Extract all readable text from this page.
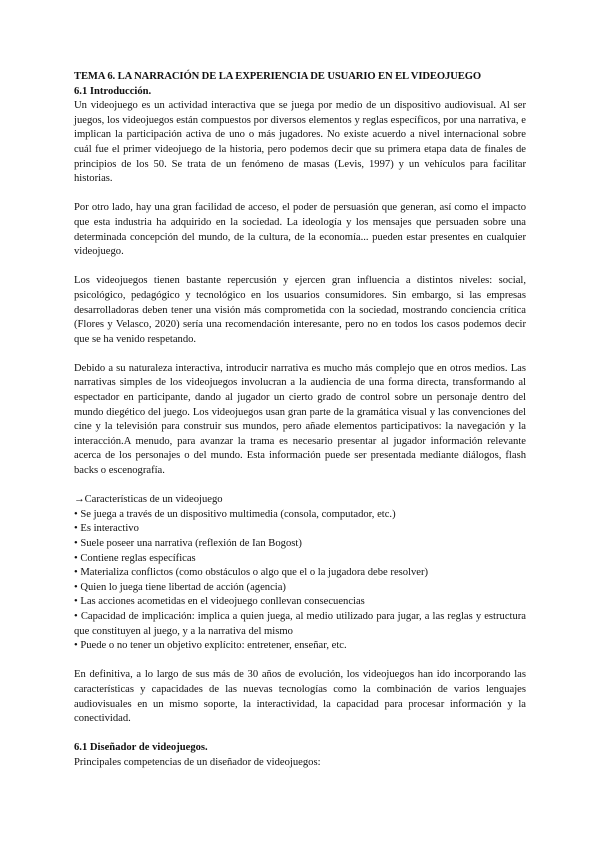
TEMA 6. LA NARRACIÓN DE LA EXPERIENCIA DE USUARIO EN EL VIDEOJUEGO
6.1 Introducción.

Un videojuego es un actividad interactiva que se juega por medio de un dispositivo audiovisual. Al ser juegos, los videojuegos están compuestos por diversos elementos y reglas específicos, por una narrativa, e implican la participación activa de uno o más jugadores. No existe acuerdo a nivel internacional sobre cuál fue el primer videojuego de la historia, pero podemos decir que su primera etapa data de finales de principios de los 50. Se trata de un fenómeno de masas (Levis, 1997) y un vehículos para facilitar historias.

Por otro lado, hay una gran facilidad de acceso, el poder de persuasión que generan, así como el impacto que esta industria ha adquirido en la sociedad. La ideología y los mensajes que persuaden sobre una determinada concepción del mundo, de la cultura, de la economía... pueden estar presentes en cualquier videojuego.

Los videojuegos tienen bastante repercusión y ejercen gran influencia a distintos niveles: social, psicológico, pedagógico y tecnológico en los usuarios consumidores. Sin embargo, si las empresas desarrolladoras deben tener una visión más comprometida con la sociedad, mostrando conciencia crítica (Flores y Velasco, 2020) sería una recomendación interesante, pero no en todos los casos podemos decir que se ha venido respetando.

Debido a su naturaleza interactiva, introducir narrativa es mucho más complejo que en otros medios. Las narrativas simples de los videojuegos involucran a la audiencia de una forma directa, transformando al espectador en participante, dando al jugador un cierto grado de control sobre un personaje dentro del mundo diegético del juego. Los videojuegos usan gran parte de la gramática visual y las convenciones del cine y la televisión para construir sus mundos, pero añade elementos participativos: la navegación y la interacción.A menudo, para avanzar la trama es necesario presentar al jugador información relevante acerca de los personajes o del mundo. Esta información puede ser presentada mediante diálogos, flash backs o escenografía.

→Características de un videojuego
• Se juega a través de un dispositivo multimedia (consola, computador, etc.)
• Es interactivo
• Suele poseer una narrativa (reflexión de Ian Bogost)
• Contiene reglas específicas
• Materializa conflictos (como obstáculos o algo que el o la jugadora debe resolver)
• Quien lo juega tiene libertad de acción (agencia)
• Las acciones acometidas en el videojuego conllevan consecuencias
• Capacidad de implicación: implica a quien juega, al medio utilizado para jugar, a las reglas y estructura que constituyen al juego, y a la narrativa del mismo
• Puede o no tener un objetivo explícito: entretener, enseñar, etc.

En definitiva, a lo largo de sus más de 30 años de evolución, los videojuegos han ido incorporando las características y capacidades de las nuevas tecnologías como la combinación de varios lenguajes audiovisuales en un mismo soporte, la interactividad, la capacidad para procesar información y la conectividad.

6.1 Diseñador de videojuegos.

Principales competencias de un diseñador de videojuegos:
